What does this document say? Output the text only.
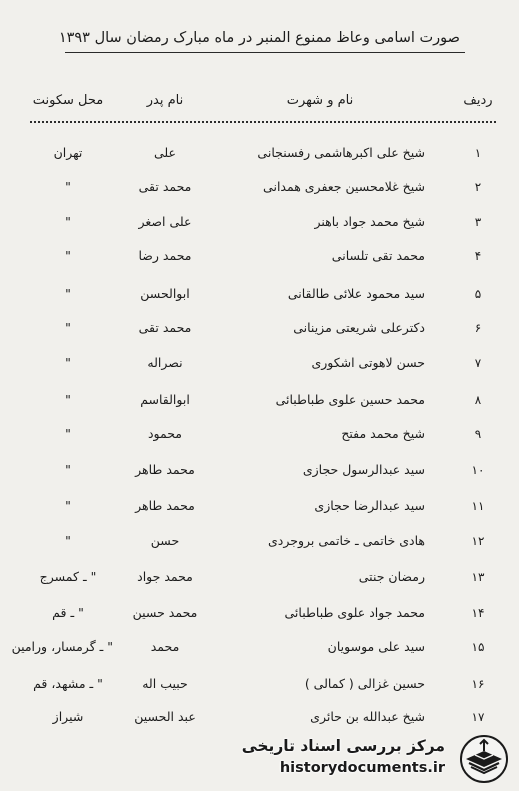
صورت اسامی وعاظ ممنوع المنبر در ماه مبارک رمضان سال ۱۳۹۳
ردیف
نام و شهرت
نام پدر
محل سکونت
۱
شیخ علی اکبرهاشمی رفسنجانی
علی
تهران
۲
شیخ غلامحسین جعفری همدانی
محمد تقی
"
۳
شیخ محمد جواد باهنر
علی اصغر
"
۴
محمد تقی تلسانی
محمد رضا
"
۵
سید محمود علائی طالقانی
ابوالحسن
"
۶
دکترعلی شریعتی مزینانی
محمد تقی
"
۷
حسن لاهوتی اشکوری
نصراله
"
۸
محمد حسین علوی طباطبائی
ابوالقاسم
"
۹
شیخ محمد مفتح
محمود
"
۱۰
سید عبدالرسول حجازی
محمد طاهر
"
۱۱
سید عبدالرضا حجازی
محمد طاهر
"
۱۲
هادی خاتمی ـ خاتمی بروجردی
حسن
"
۱۳
رمضان جنتی
محمد جواد
" ـ کمسرج
۱۴
محمد جواد علوی طباطبائی
محمد حسین
" ـ قم
۱۵
سید علی موسویان
محمد
" ـ گرمسار، ورامین
۱۶
حسین غزالی ( کمالی )
حبیب اله
" ـ مشهد، قم
۱۷
شیخ عبدالله بن حائری
عبد الحسین
شیراز
مرکز بررسی اسناد تاریخی
historydocuments.ir
